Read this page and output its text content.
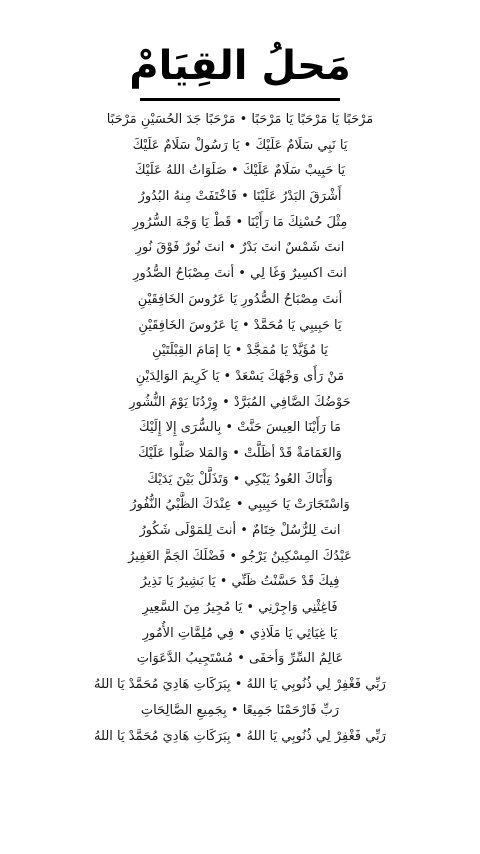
مَحلُ القِيَامْ
مَرْحَبًا يَا مَرْحَبًا يَا مَرْحَبًا • مَرْحَبًا جَدَ الحُسَيْنِ مَرْحَبًا
يَا نَبِي سَلَامٌ عَلَيْكَ • يَا رَسُولْ سَلَامٌ عَلَيْكَ
يَا حَبِيبْ سَلَامٌ عَلَيْكَ • صَلَوَاتُ اللهُ عَلَيْكَ
أَشْرَقَ البَدْرُ عَلَيْنَا • فَاخْتَفَتْ مِنهُ البُدُورُ
مِثْلَ حُسْنِكَ مَا رَأَيْنَا • قَطْ يَا وَجْهَ السُّرُورِ
انتَ شَمْسٌ انتَ بَدْرٌ • انتَ نُورٌ فَوْقَ نُورِ
انتَ اكسِيرٌ وَغَا لِي • أنتَ مِصْبَاحُ الصُّدُورِ
أنتَ مِصْبَاحُ الصُّدُورِ يَا عَرُوسَ الخَافِقَيْنِ
يَا حَبِيبِي يَا مُحَمَّدْ • يَا عَرُوسَ الخَافِقَيْنِ
يَا مُؤَيَّدْ يَا مُمَجَّدْ • يَا إمَامَ القِبْلَتَيْنِ
مَنْ رَأَى وَجْهَكَ يَسْعَدْ • يَا كَرِيمَ الوَالِدَيْنِ
حَوْضُكَ الصَّافِي المُبَرَّدْ • وِرْدُنَا يَوْمَ النُّشُورِ
مَا رَأَيْنَا العِيسَ حَنَّتْ • بِالسُّرَى إِلا إِلَيْكَ
وَالغَمَامَةْ قَدْ أظَلَّتْ • وَالمَلا صَلُّوا عَلَيْكَ
وَأَتَاكَ العُودُ يَبْكِي • وَتَذَلَّلْ بَيْنَ يَدَيْكَ
وَاسْتَجَارَتْ يَا حَبِيبِي • عِنْدَكَ الظَّبْيُ النُّفُورُ
انتَ لِلرُّسُلْ خِتَامٌ • أنتَ لِلمَوْلَى شَكُورُ
عَبْدُكَ المِسْكِينُ يَرْجُو • فَضْلَكَ الجَمَّ الغَفِيرُ
فِيكَ قَدْ حَسَّنْتُ ظَنِّي • يَا بَشِيرُ يَا نَذِيرُ
فَاغِثْنِي وَاجِرْنِي • يَا مُجِيرُ مِنَ السَّعِيرِ
يَا غِيَاثِي يَا مَلَاذِي • فِي مُلِمَّاتِ الأُمُورِ
عَالِمُ السِّرِّ وَأخفَى • مُسْتَجِيبُ الدَّعَوَاتِ
رَبِّي فَغْفِرْ لِي ذُنُوبِي يَا اللهُ • بِبَرَكَاتِ هَادِيَ مُحَمَّدْ يَا اللهُ
رَبِّ فَارْحَمْنَا جَمِيعًا • بِجَمِيعِ الصَّالِحَاتِ
رَبِّي فَغْفِرْ لِي ذُنُوبِي يَا اللهُ • بِبَرَكَاتِ هَادِيَ مُحَمَّدْ يَا اللهُ
